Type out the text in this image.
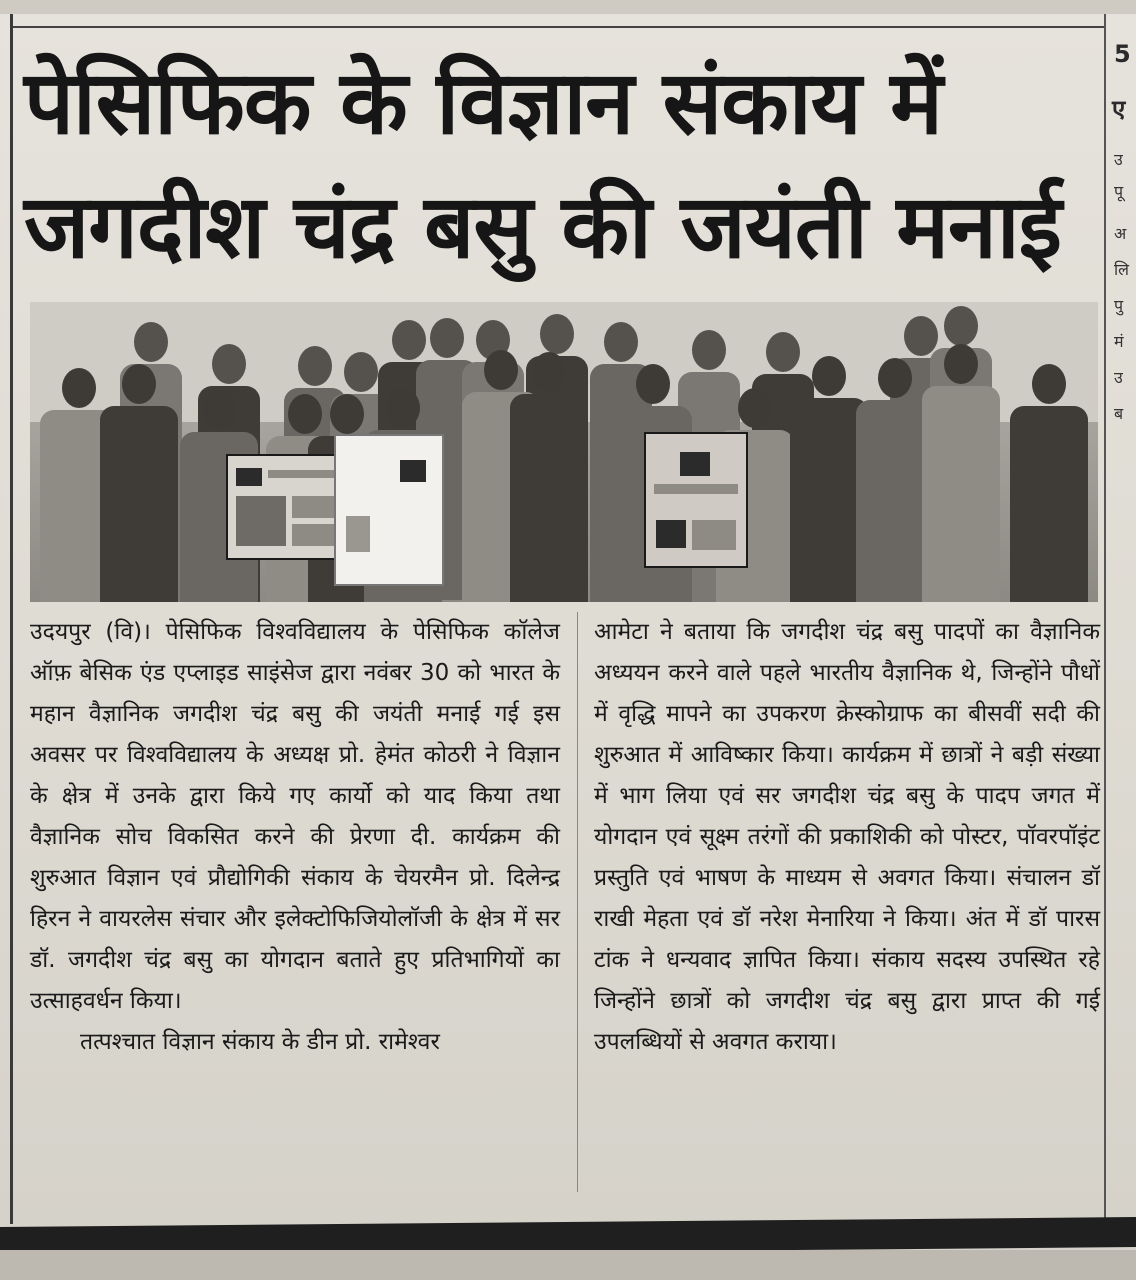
पेसिफिक के विज्ञान संकाय में
जगदीश चंद्र बसु की जयंती मनाई
उदयपुर (वि)। पेसिफिक विश्वविद्यालय के पेसिफिक कॉलेज ऑफ़ बेसिक एंड एप्लाइड साइंसेज द्वारा नवंबर 30 को भारत के महान वैज्ञानिक जगदीश चंद्र बसु की जयंती मनाई गई इस अवसर पर विश्वविद्यालय के अध्यक्ष प्रो. हेमंत कोठरी ने विज्ञान के क्षेत्र में उनके द्वारा किये गए कार्यो को याद किया तथा वैज्ञानिक सोच विकसित करने की प्रेरणा दी. कार्यक्रम की शुरुआत विज्ञान एवं प्रौद्योगिकी संकाय के चेयरमैन प्रो. दिलेन्द्र हिरन ने वायरलेस संचार और इलेक्टोफिजियोलॉजी के क्षेत्र में सर डॉ. जगदीश चंद्र बसु का योगदान बताते हुए प्रतिभागियों का उत्साहवर्धन किया।
तत्पश्चात विज्ञान संकाय के डीन प्रो. रामेश्वर
आमेटा ने बताया कि जगदीश चंद्र बसु पादपों का वैज्ञानिक अध्ययन करने वाले पहले भारतीय वैज्ञानिक थे, जिन्होंने पौधों में वृद्धि मापने का उपकरण क्रेस्कोग्राफ का बीसवीं सदी की शुरुआत में आविष्कार किया। कार्यक्रम में छात्रों ने बड़ी संख्या में भाग लिया एवं सर जगदीश चंद्र बसु के पादप जगत में योगदान एवं सूक्ष्म तरंगों की प्रकाशिकी को पोस्टर, पॉवरपॉइंट प्रस्तुति एवं भाषण के माध्यम से अवगत किया। संचालन डॉ राखी मेहता एवं डॉ नरेश मेनारिया ने किया। अंत में डॉ पारस टांक ने धन्यवाद ज्ञापित किया। संकाय सदस्य उपस्थित रहे जिन्होंने छात्रों को जगदीश चंद्र बसु द्वारा प्राप्त की गई उपलब्धियों से अवगत कराया।
5
ए
उ
पू
अ
लि
पु
मं
उ
ब
